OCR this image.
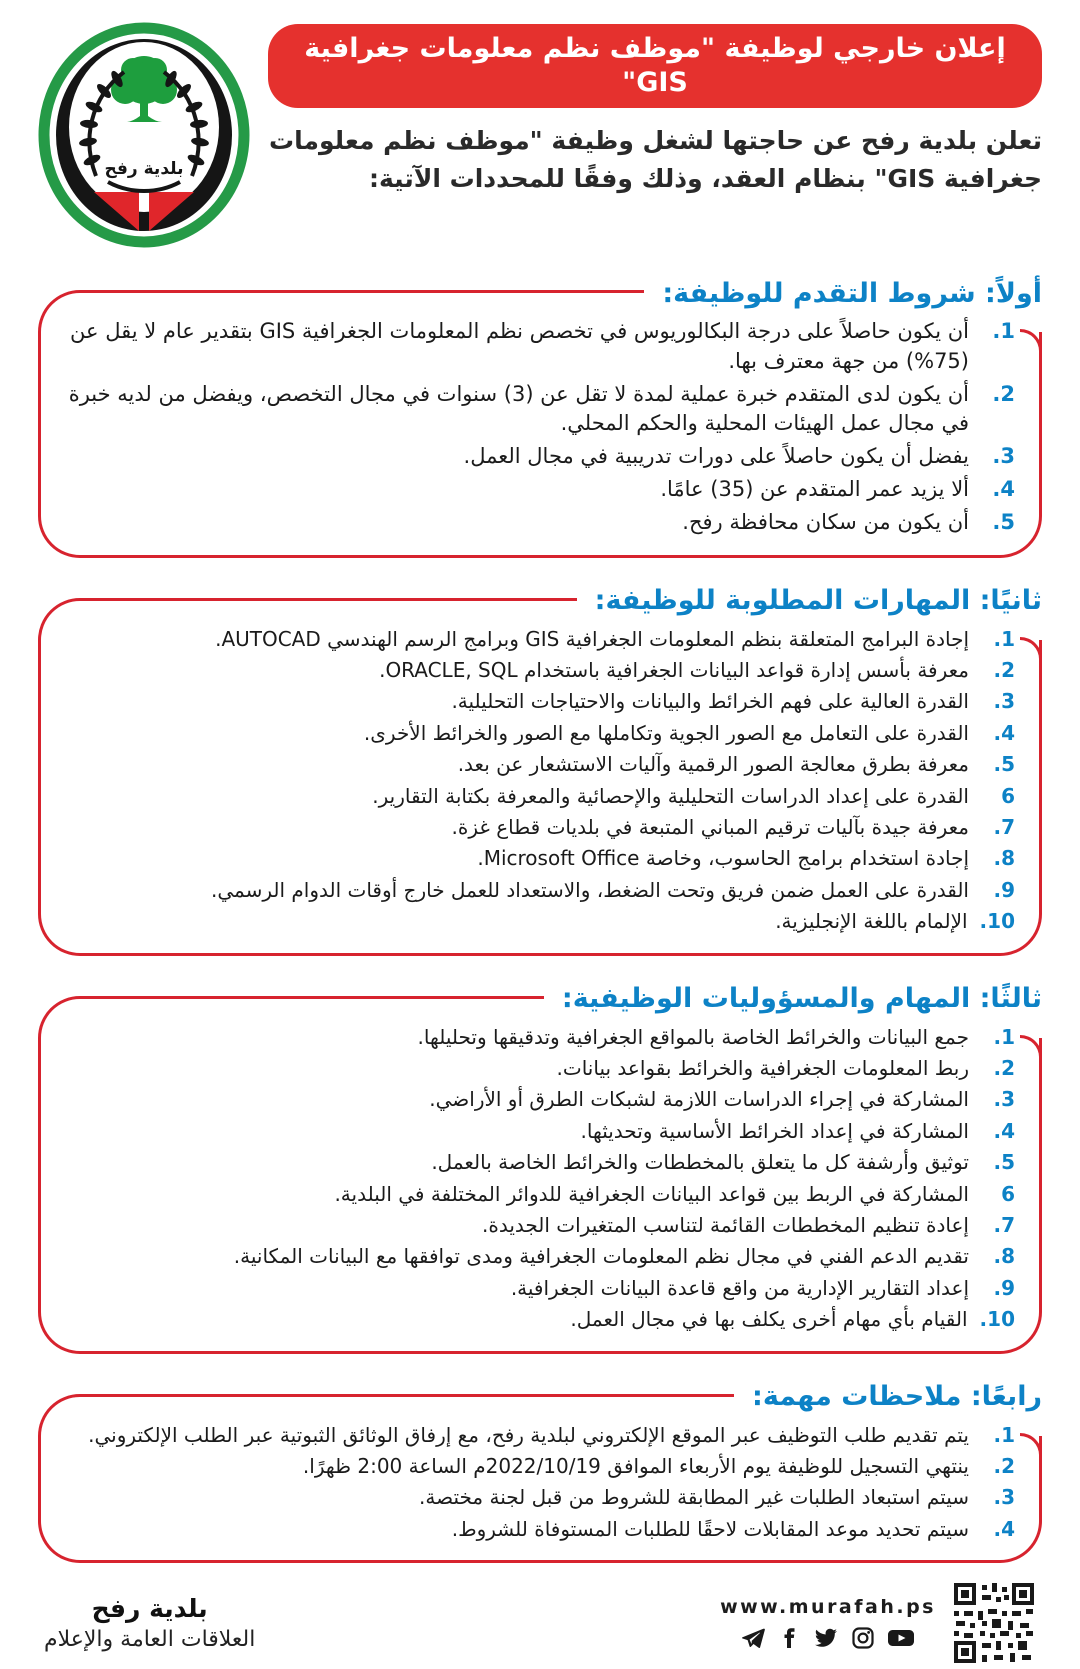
إعلان خارجي لوظيفة "موظف نظم معلومات جغرافية GIS"

تعلن بلدية رفح عن حاجتها لشغل وظيفة "موظف نظم معلومات جغرافية GIS" بنظام العقد، وذلك وفقًا للمحددات الآتية:

بلدية رفح
أولاً: شروط التقدم للوظيفة:
1.
أن يكون حاصلاً على درجة البكالوريوس في تخصص نظم المعلومات الجغرافية GIS بتقدير عام لا يقل عن (75%) من جهة معترف بها.
2.
أن يكون لدى المتقدم خبرة عملية لمدة لا تقل عن (3) سنوات في مجال التخصص، ويفضل من لديه خبرة في مجال عمل الهيئات المحلية والحكم المحلي.
3.
يفضل أن يكون حاصلاً على دورات تدريبية في مجال العمل.
4.
ألا يزيد عمر المتقدم عن (35) عامًا.
5.
أن يكون من سكان محافظة رفح.
ثانيًا: المهارات المطلوبة للوظيفة:
1.
إجادة البرامج المتعلقة بنظم المعلومات الجغرافية GIS وبرامج الرسم الهندسي AUTOCAD.
2.
معرفة بأسس إدارة قواعد البيانات الجغرافية باستخدام ORACLE, SQL.
3.
القدرة العالية على فهم الخرائط والبيانات والاحتياجات التحليلية.
4.
القدرة على التعامل مع الصور الجوية وتكاملها مع الصور والخرائط الأخرى.
5.
معرفة بطرق معالجة الصور الرقمية وآليات الاستشعار عن بعد.
6
القدرة على إعداد الدراسات التحليلية والإحصائية والمعرفة بكتابة التقارير.
7.
معرفة جيدة بآليات ترقيم المباني المتبعة في بلديات قطاع غزة.
8.
إجادة استخدام برامج الحاسوب، وخاصة Microsoft Office.
9.
القدرة على العمل ضمن فريق وتحت الضغط، والاستعداد للعمل خارج أوقات الدوام الرسمي.
10.
الإلمام باللغة الإنجليزية.
ثالثًا: المهام والمسؤوليات الوظيفية:
1.
جمع البيانات والخرائط الخاصة بالمواقع الجغرافية وتدقيقها وتحليلها.
2.
ربط المعلومات الجغرافية والخرائط بقواعد بيانات.
3.
المشاركة في إجراء الدراسات اللازمة لشبكات الطرق أو الأراضي.
4.
المشاركة في إعداد الخرائط الأساسية وتحديثها.
5.
توثيق وأرشفة كل ما يتعلق بالمخططات والخرائط الخاصة بالعمل.
6
المشاركة في الربط بين قواعد البيانات الجغرافية للدوائر المختلفة في البلدية.
7.
إعادة تنظيم المخططات القائمة لتناسب المتغيرات الجديدة.
8.
تقديم الدعم الفني في مجال نظم المعلومات الجغرافية ومدى توافقها مع البيانات المكانية.
9.
إعداد التقارير الإدارية من واقع قاعدة البيانات الجغرافية.
10.
القيام بأي مهام أخرى يكلف بها في مجال العمل.
رابعًا: ملاحظات مهمة:
1.
يتم تقديم طلب التوظيف عبر الموقع الإلكتروني لبلدية رفح، مع إرفاق الوثائق الثبوتية عبر الطلب الإلكتروني.
2.
ينتهي التسجيل للوظيفة يوم الأربعاء الموافق 2022/10/19م الساعة 2:00 ظهرًا.
3.
سيتم استبعاد الطلبات غير المطابقة للشروط من قبل لجنة مختصة.
4.
سيتم تحديد موعد المقابلات لاحقًا للطلبات المستوفاة للشروط.
بلدية رفح
العلاقات العامة والإعلام
www.murafah.ps
